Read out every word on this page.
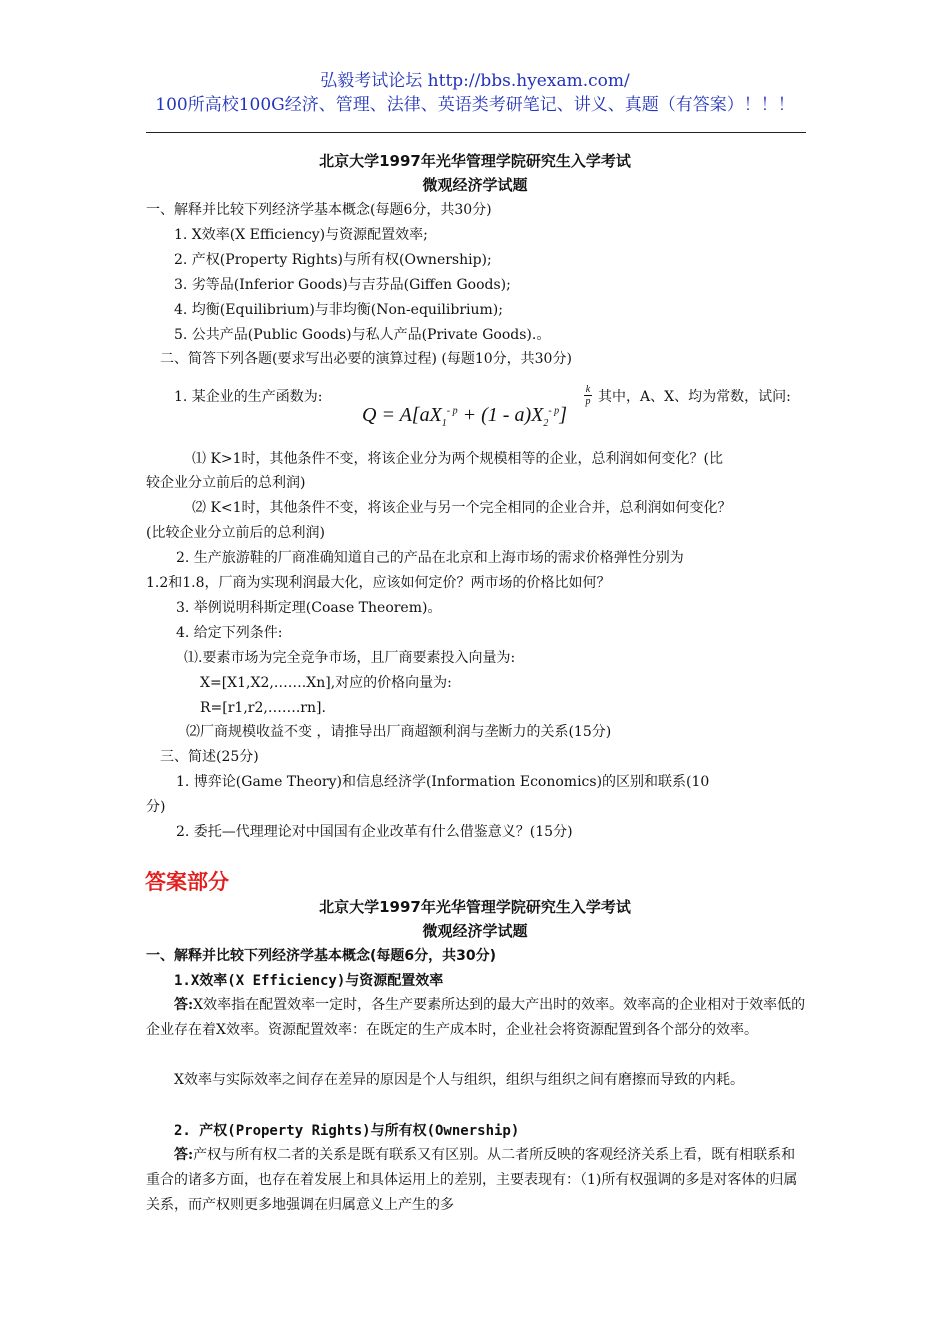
弘毅考试论坛 http://bbs.hyexam.com/
100所高校100G经济、管理、法律、英语类考研笔记、讲义、真题（有答案）！！！
北京大学1997年光华管理学院研究生入学考试
微观经济学试题
一、解释并比较下列经济学基本概念(每题6分，共30分)
1. X效率(X Efficiency)与资源配置效率;
2. 产权(Property Rights)与所有权(Ownership);
3. 劣等品(Inferior Goods)与吉芬品(Giffen Goods);
4. 均衡(Equilibrium)与非均衡(Non-equilibrium);
5. 公共产品(Public Goods)与私人产品(Private Goods).。
二、简答下列各题(要求写出必要的演算过程) (每题10分，共30分)
1. 某企业的生产函数为:	其中，A、X、均为常数，试问:
$Q = A[aX_1^{- p} + (1 - a)X_2^{- p}]$
k
p
⑴ K>1时，其他条件不变，将该企业分为两个规模相等的企业，总利润如何变化？(比
较企业分立前后的总利润)
⑵ K<1时，其他条件不变，将该企业与另一个完全相同的企业合并，总利润如何变化？
(比较企业分立前后的总利润)
2. 生产旅游鞋的厂商准确知道自己的产品在北京和上海市场的需求价格弹性分别为
1.2和1.8，厂商为实现利润最大化，应该如何定价？两市场的价格比如何？
3. 举例说明科斯定理(Coase Theorem)。
4. 给定下列条件:
⑴.要素市场为完全竞争市场，且厂商要素投入向量为:
X=[X1,X2,…….Xn],对应的价格向量为:
R=[r1,r2,…….rn].
⑵厂商规模收益不变 ，请推导出厂商超额利润与垄断力的关系(15分)
三、简述(25分)
1. 博弈论(Game Theory)和信息经济学(Information Economics)的区别和联系(10
分)
2. 委托—代理理论对中国国有企业改革有什么借鉴意义？(15分)
答案部分
北京大学1997年光华管理学院研究生入学考试
微观经济学试题
一、解释并比较下列经济学基本概念(每题6分，共30分)
1.X效率(X Efficiency)与资源配置效率
答:X效率指在配置效率一定时，各生产要素所达到的最大产出时的效率。效率高的企业相对于效率低的企业存在着X效率。资源配置效率：在既定的生产成本时，企业社会将资源配置到各个部分的效率。
X效率与实际效率之间存在差异的原因是个人与组织，组织与组织之间有磨擦而导致的内耗。
2. 产权(Property Rights)与所有权(Ownership)
答:产权与所有权二者的关系是既有联系又有区别。从二者所反映的客观经济关系上看，既有相联系和重合的诸多方面，也存在着发展上和具体运用上的差别，主要表现有：（1)所有权强调的多是对客体的归属关系，而产权则更多地强调在归属意义上产生的多
